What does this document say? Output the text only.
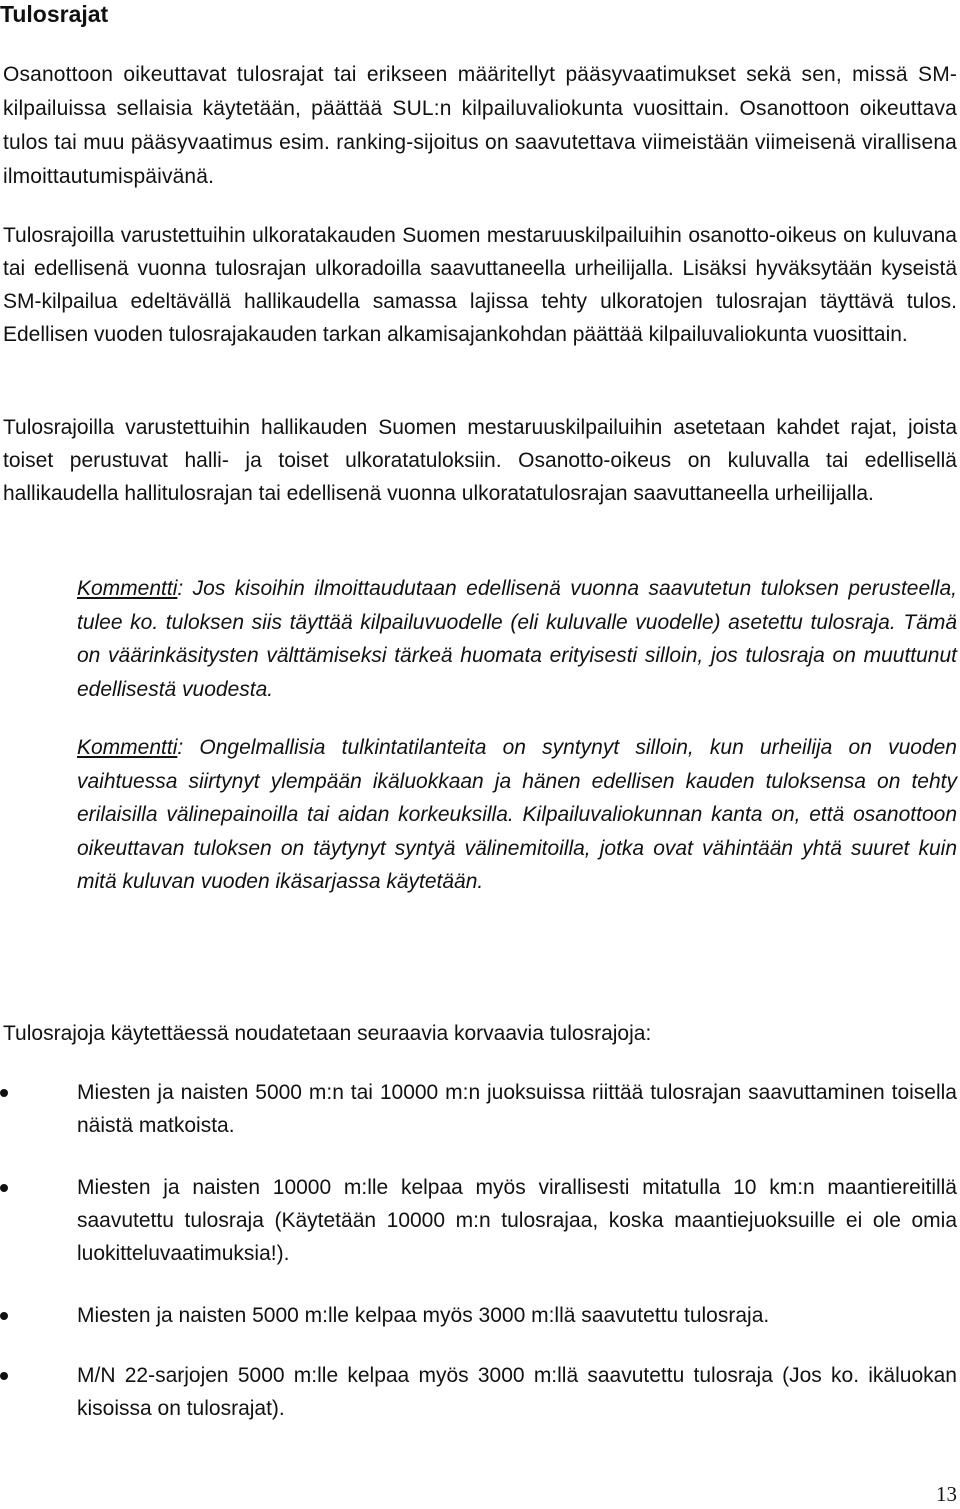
Tulosrajat

Osanottoon oikeuttavat tulosrajat tai erikseen määritellyt pääsyvaatimukset sekä sen, missä SM-kilpailuissa sellaisia käytetään, päättää SUL:n kilpailuvaliokunta vuosittain. Osanottoon oikeuttava tulos tai muu pääsyvaatimus esim. ranking-sijoitus on saavutettava viimeistään viimeisenä virallisena ilmoittautumispäivänä.

Tulosrajoilla varustettuihin ulkoratakauden Suomen mestaruuskilpailuihin osanotto-oikeus on kuluvana tai edellisenä vuonna tulosrajan ulkoradoilla saavuttaneella urheilijalla. Lisäksi hyväksytään kyseistä SM-kilpailua edeltävällä hallikaudella samassa lajissa tehty ulkoratojen tulosrajan täyttävä tulos. Edellisen vuoden tulosrajakauden tarkan alkamisajankohdan päättää kilpailuvaliokunta vuosittain.

Tulosrajoilla varustettuihin hallikauden Suomen mestaruuskilpailuihin asetetaan kahdet rajat, joista toiset perustuvat halli- ja toiset ulkoratatuloksiin. Osanotto-oikeus on kuluvalla tai edellisellä hallikaudella hallitulosrajan tai edellisenä vuonna ulkoratatulosrajan saavuttaneella urheilijalla.

Kommentti: Jos kisoihin ilmoittaudutaan edellisenä vuonna saavutetun tuloksen perusteella, tulee ko. tuloksen siis täyttää kilpailuvuodelle (eli kuluvalle vuodelle) asetettu tulosraja. Tämä on väärinkäsitysten välttämiseksi tärkeä huomata erityisesti silloin, jos tulosraja on muuttunut edellisestä vuodesta.

Kommentti: Ongelmallisia tulkintatilanteita on syntynyt silloin, kun urheilija on vuoden vaihtuessa siirtynyt ylempään ikäluokkaan ja hänen edellisen kauden tuloksensa on tehty erilaisilla välinepainoilla tai aidan korkeuksilla. Kilpailuvaliokunnan kanta on, että osanottoon oikeuttavan tuloksen on täytynyt syntyä välinemitoilla, jotka ovat vähintään yhtä suuret kuin mitä kuluvan vuoden ikäsarjassa käytetään.

Tulosrajoja käytettäessä noudatetaan seuraavia korvaavia tulosrajoja:

Miesten ja naisten 5000 m:n tai 10000 m:n juoksuissa riittää tulosrajan saavuttaminen toisella näistä matkoista.

Miesten ja naisten 10000 m:lle kelpaa myös virallisesti mitatulla 10 km:n maantiereitillä saavutettu tulosraja (Käytetään 10000 m:n tulosrajaa, koska maantiejuoksuille ei ole omia luokitteluvaatimuksia!).

Miesten ja naisten 5000 m:lle kelpaa myös 3000 m:llä saavutettu tulosraja.

M/N 22-sarjojen 5000 m:lle kelpaa myös 3000 m:llä saavutettu tulosraja (Jos ko. ikäluokan kisoissa on tulosrajat).

13
